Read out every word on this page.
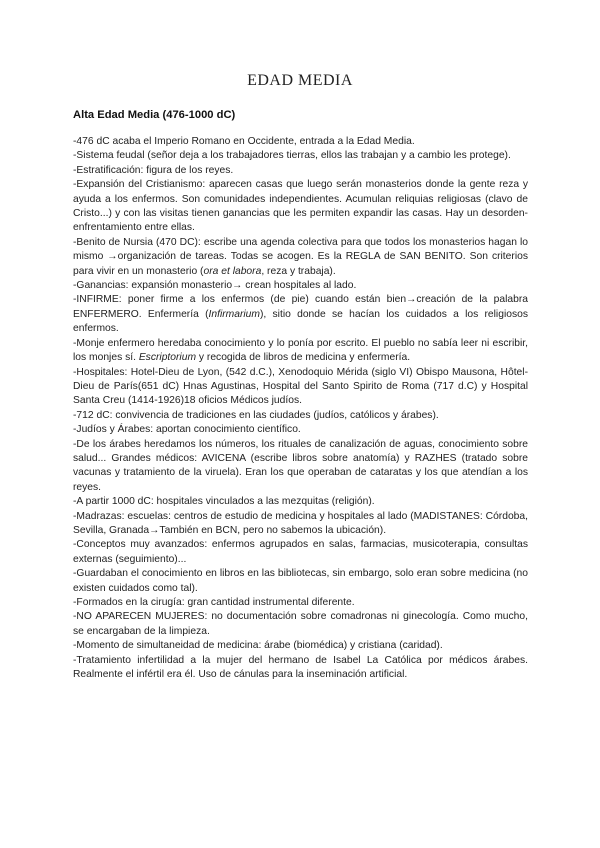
EDAD MEDIA
Alta Edad Media (476-1000 dC)

-476 dC acaba el Imperio Romano en Occidente, entrada a la Edad Media.

-Sistema feudal (señor deja a los trabajadores tierras, ellos las trabajan y a cambio les protege).

-Estratificación: figura de los reyes.

-Expansión del Cristianismo: aparecen casas que luego serán monasterios donde la gente reza y ayuda a los enfermos. Son comunidades independientes. Acumulan reliquias religiosas (clavo de Cristo...) y con las visitas tienen ganancias que les permiten expandir las casas. Hay un desorden-enfrentamiento entre ellas.

-Benito de Nursia (470 DC): escribe una agenda colectiva para que todos los monasterios hagan lo mismo →organización de tareas. Todas se acogen. Es la REGLA de SAN BENITO. Son criterios para vivir en un monasterio (ora et labora, reza y trabaja).

-Ganancias: expansión monasterio→ crean hospitales al lado.

-INFIRME: poner firme a los enfermos (de pie) cuando están bien→creación de la palabra ENFERMERO. Enfermería (Infirmarium), sitio donde se hacían los cuidados a los religiosos enfermos.

-Monje enfermero heredaba conocimiento y lo ponía por escrito. El pueblo no sabía leer ni escribir, los monjes sí. Escriptorium y recogida de libros de medicina y enfermería.

-Hospitales: Hotel-Dieu de Lyon, (542 d.C.), Xenodoquio Mérida (siglo VI) Obispo Mausona, Hôtel-Dieu de París(651 dC) Hnas Agustinas, Hospital del Santo Spirito de Roma (717 d.C) y Hospital Santa Creu (1414-1926)18 oficios Médicos judíos.

-712 dC: convivencia de tradiciones en las ciudades (judíos, católicos y árabes).

-Judíos y Árabes: aportan conocimiento científico.

-De los árabes heredamos los números, los rituales de canalización de aguas, conocimiento sobre salud... Grandes médicos: AVICENA (escribe libros sobre anatomía) y RAZHES (tratado sobre vacunas y tratamiento de la viruela). Eran los que operaban de cataratas y los que atendían a los reyes.

-A partir 1000 dC: hospitales vinculados a las mezquitas (religión).

-Madrazas: escuelas: centros de estudio de medicina y hospitales al lado (MADISTANES: Córdoba, Sevilla, Granada→También en BCN, pero no sabemos la ubicación).

-Conceptos muy avanzados: enfermos agrupados en salas, farmacias, musicoterapia, consultas externas (seguimiento)...

-Guardaban el conocimiento en libros en las bibliotecas, sin embargo, solo eran sobre medicina (no existen cuidados como tal).

-Formados en la cirugía: gran cantidad instrumental diferente.

-NO APARECEN MUJERES: no documentación sobre comadronas ni ginecología. Como mucho, se encargaban de la limpieza.

-Momento de simultaneidad de medicina: árabe (biomédica) y cristiana (caridad).

-Tratamiento infertilidad a la mujer del hermano de Isabel La Católica por médicos árabes. Realmente el infértil era él. Uso de cánulas para la inseminación artificial.
